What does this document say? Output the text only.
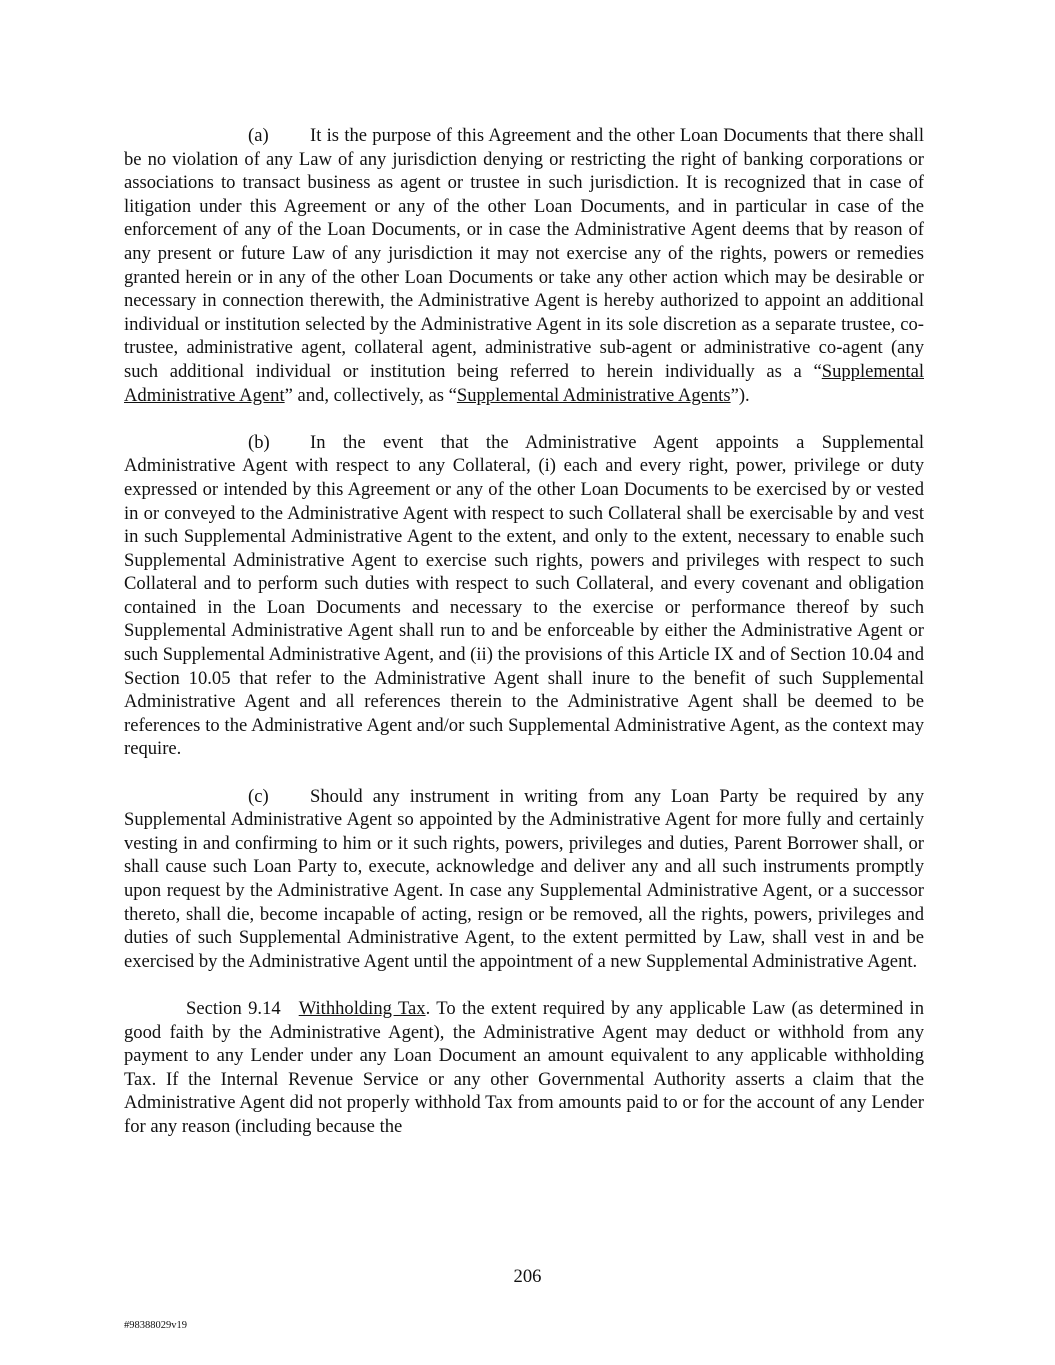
(a) It is the purpose of this Agreement and the other Loan Documents that there shall be no violation of any Law of any jurisdiction denying or restricting the right of banking corporations or associations to transact business as agent or trustee in such jurisdiction. It is recognized that in case of litigation under this Agreement or any of the other Loan Documents, and in particular in case of the enforcement of any of the Loan Documents, or in case the Administrative Agent deems that by reason of any present or future Law of any jurisdiction it may not exercise any of the rights, powers or remedies granted herein or in any of the other Loan Documents or take any other action which may be desirable or necessary in connection therewith, the Administrative Agent is hereby authorized to appoint an additional individual or institution selected by the Administrative Agent in its sole discretion as a separate trustee, co-trustee, administrative agent, collateral agent, administrative sub-agent or administrative co-agent (any such additional individual or institution being referred to herein individually as a “Supplemental Administrative Agent” and, collectively, as “Supplemental Administrative Agents”).

(b) In the event that the Administrative Agent appoints a Supplemental Administrative Agent with respect to any Collateral, (i) each and every right, power, privilege or duty expressed or intended by this Agreement or any of the other Loan Documents to be exercised by or vested in or conveyed to the Administrative Agent with respect to such Collateral shall be exercisable by and vest in such Supplemental Administrative Agent to the extent, and only to the extent, necessary to enable such Supplemental Administrative Agent to exercise such rights, powers and privileges with respect to such Collateral and to perform such duties with respect to such Collateral, and every covenant and obligation contained in the Loan Documents and necessary to the exercise or performance thereof by such Supplemental Administrative Agent shall run to and be enforceable by either the Administrative Agent or such Supplemental Administrative Agent, and (ii) the provisions of this Article IX and of Section 10.04 and Section 10.05 that refer to the Administrative Agent shall inure to the benefit of such Supplemental Administrative Agent and all references therein to the Administrative Agent shall be deemed to be references to the Administrative Agent and/or such Supplemental Administrative Agent, as the context may require.

(c) Should any instrument in writing from any Loan Party be required by any Supplemental Administrative Agent so appointed by the Administrative Agent for more fully and certainly vesting in and confirming to him or it such rights, powers, privileges and duties, Parent Borrower shall, or shall cause such Loan Party to, execute, acknowledge and deliver any and all such instruments promptly upon request by the Administrative Agent. In case any Supplemental Administrative Agent, or a successor thereto, shall die, become incapable of acting, resign or be removed, all the rights, powers, privileges and duties of such Supplemental Administrative Agent, to the extent permitted by Law, shall vest in and be exercised by the Administrative Agent until the appointment of a new Supplemental Administrative Agent.

Section 9.14 Withholding Tax. To the extent required by any applicable Law (as determined in good faith by the Administrative Agent), the Administrative Agent may deduct or withhold from any payment to any Lender under any Loan Document an amount equivalent to any applicable withholding Tax. If the Internal Revenue Service or any other Governmental Authority asserts a claim that the Administrative Agent did not properly withhold Tax from amounts paid to or for the account of any Lender for any reason (including because the

206
#98388029v19
